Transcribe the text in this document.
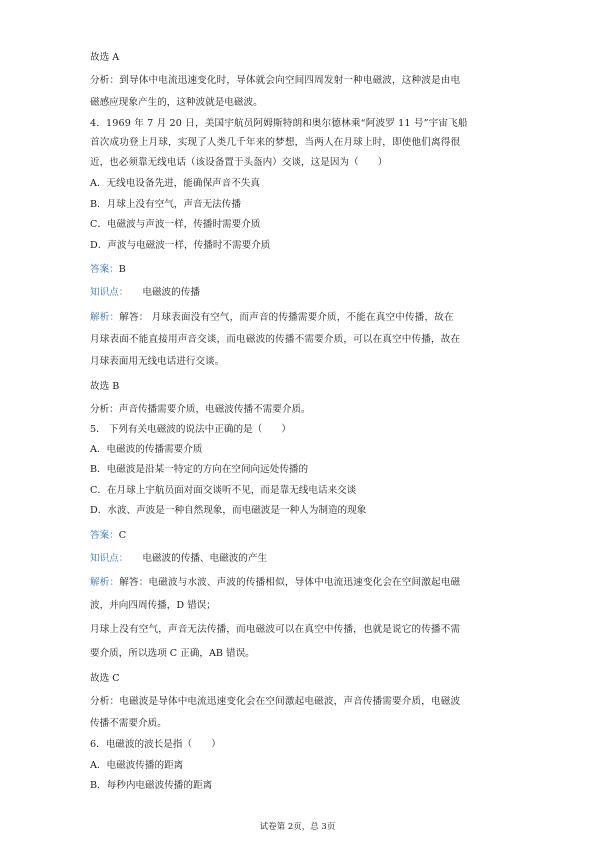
故选 A
分析：到导体中电流迅速变化时，导体就会向空间四周发射一种电磁波，这种波是由电
磁感应现象产生的，这种波就是电磁波。
4．1969 年 7 月 20 日，美国宇航员阿姆斯特朗和奥尔德林乘“阿波罗 11 号”宇宙飞船
首次成功登上月球，实现了人类几千年来的梦想，当两人在月球上时，即使他们离得很
近，也必须靠无线电话（该设备置于头盔内）交谈，这是因为（　　）
A．无线电设备先进，能确保声音不失真
B．月球上没有空气，声音无法传播
C．电磁波与声波一样，传播时需要介质
D．声波与电磁波一样，传播时不需要介质
答案：B
知识点： 电磁波的传播
解析：解答： 月球表面没有空气，而声音的传播需要介质，不能在真空中传播，故在
月球表面不能直接用声音交谈，而电磁波的传播不需要介质，可以在真空中传播，故在
月球表面用无线电话进行交谈。
故选 B
分析：声音传播需要介质，电磁波传播不需要介质。
5． 下列有关电磁波的说法中正确的是（　　）
A．电磁波的传播需要介质
B．电磁波是沿某一特定的方向在空间向远处传播的
C．在月球上宇航员面对面交谈听不见，而是靠无线电话来交谈
D．水波、声波是一种自然现象，而电磁波是一种人为制造的现象
答案：C
知识点： 电磁波的传播、电磁波的产生
解析：解答：电磁波与水波、声波的传播相似，导体中电流迅速变化会在空间激起电磁
波，并向四周传播，D 错误；
月球上没有空气，声音无法传播，而电磁波可以在真空中传播，也就是说它的传播不需
要介质，所以选项 C 正确，AB 错误。
故选 C
分析：电磁波是导体中电流迅速变化会在空间激起电磁波，声音传播需要介质，电磁波
传播不需要介质。
6．电磁波的波长是指（　　）
A．电磁波传播的距离
B．每秒内电磁波传播的距离
试卷第 2页，总 3页
